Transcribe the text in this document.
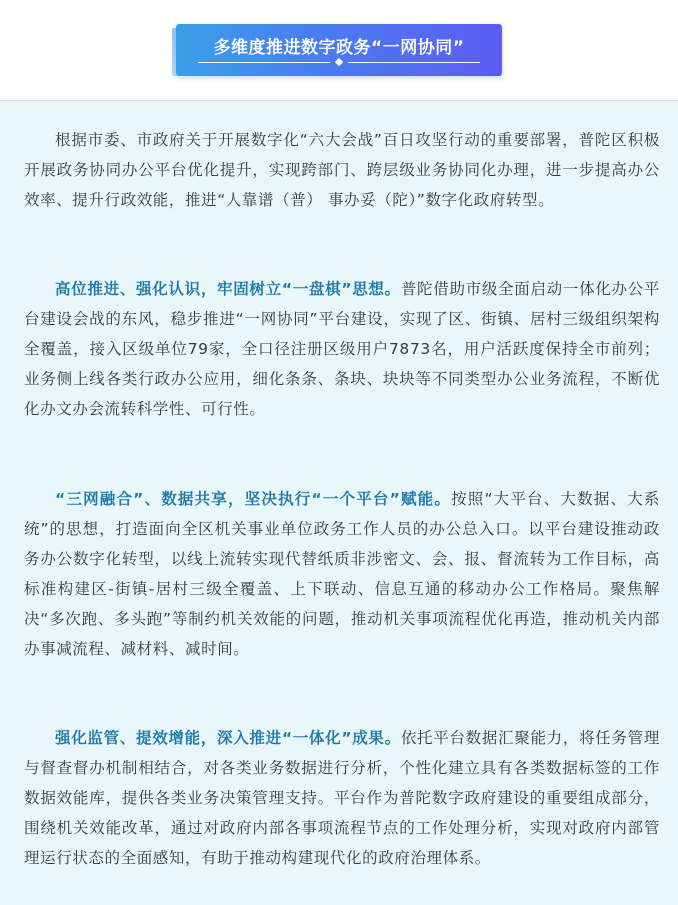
多维度推进数字政务“一网协同”

根据市委、市政府关于开展数字化“六大会战”百日攻坚行动的重要部署，普陀区积极开展政务协同办公平台优化提升，实现跨部门、跨层级业务协同化办理，进一步提高办公效率、提升行政效能，推进“人靠谱（普） 事办妥（陀）”数字化政府转型。

高位推进、强化认识，牢固树立“一盘棋”思想。普陀借助市级全面启动一体化办公平台建设会战的东风，稳步推进“一网协同”平台建设，实现了区、街镇、居村三级组织架构全覆盖，接入区级单位79家，全口径注册区级用户7873名，用户活跃度保持全市前列；业务侧上线各类行政办公应用，细化条条、条块、块块等不同类型办公业务流程，不断优化办文办会流转科学性、可行性。

“三网融合”、数据共享，坚决执行“一个平台”赋能。按照“大平台、大数据、大系统”的思想，打造面向全区机关事业单位政务工作人员的办公总入口。以平台建设推动政务办公数字化转型，以线上流转实现代替纸质非涉密文、会、报、督流转为工作目标，高标准构建区-街镇-居村三级全覆盖、上下联动、信息互通的移动办公工作格局。聚焦解决“多次跑、多头跑”等制约机关效能的问题，推动机关事项流程优化再造，推动机关内部办事减流程、减材料、减时间。

强化监管、提效增能，深入推进“一体化”成果。依托平台数据汇聚能力，将任务管理与督查督办机制相结合，对各类业务数据进行分析，个性化建立具有各类数据标签的工作数据效能库，提供各类业务决策管理支持。平台作为普陀数字政府建设的重要组成部分，围绕机关效能改革，通过对政府内部各事项流程节点的工作处理分析，实现对政府内部管理运行状态的全面感知，有助于推动构建现代化的政府治理体系。
